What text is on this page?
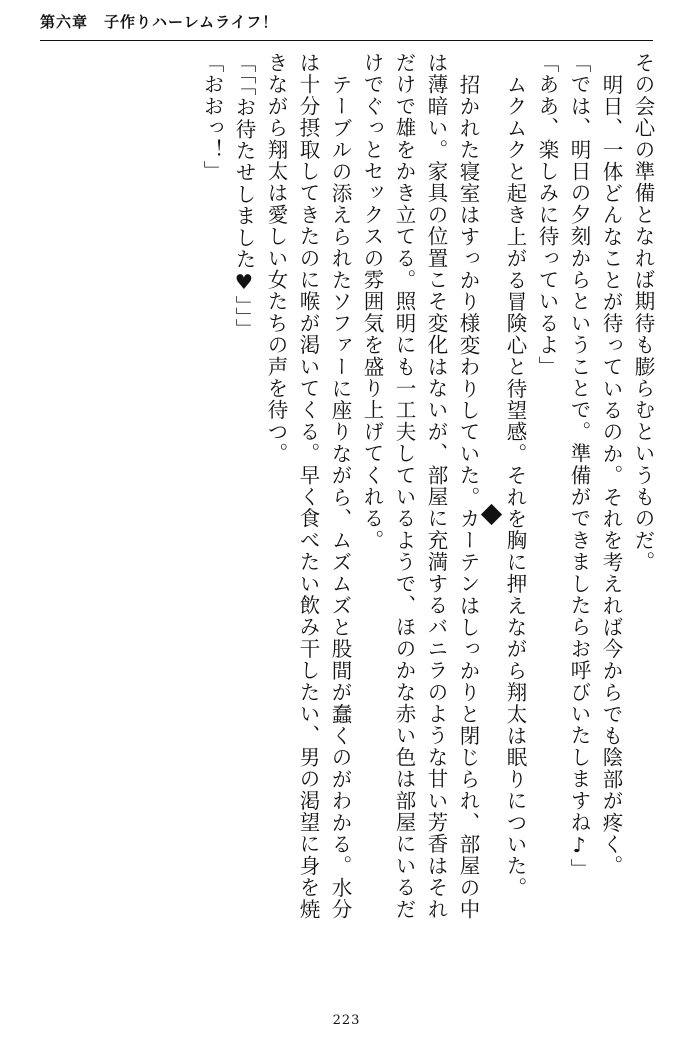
第六章　子作りハーレムライフ！
その会心の準備となれば期待も膨らむというものだ。
明日、一体どんなことが待っているのか。それを考えれば今からでも陰部が疼く。
「では、明日の夕刻からということで。準備ができましたらお呼びいたしますね♪」
「ああ、楽しみに待っているよ」
ムクムクと起き上がる冒険心と待望感。それを胸に押えながら翔太は眠りについた。
招かれた寝室はすっかり様変わりしていた。カーテンはしっかりと閉じられ、部屋の中
は薄暗い。家具の位置こそ変化はないが、部屋に充満するバニラのような甘い芳香はそれ
だけで雄をかき立てる。照明にも一工夫しているようで、ほのかな赤い色は部屋にいるだ
けでぐっとセックスの雰囲気を盛り上げてくれる。
テーブルの添えられたソファーに座りながら、ムズムズと股間が蠢くのがわかる。水分
は十分摂取してきたのに喉が渇いてくる。早く食べたい飲み干したい、男の渇望に身を焼
きながら翔太は愛しい女たちの声を待つ。
「「「お待たせしました♥」」」
「おおっ！」
223
